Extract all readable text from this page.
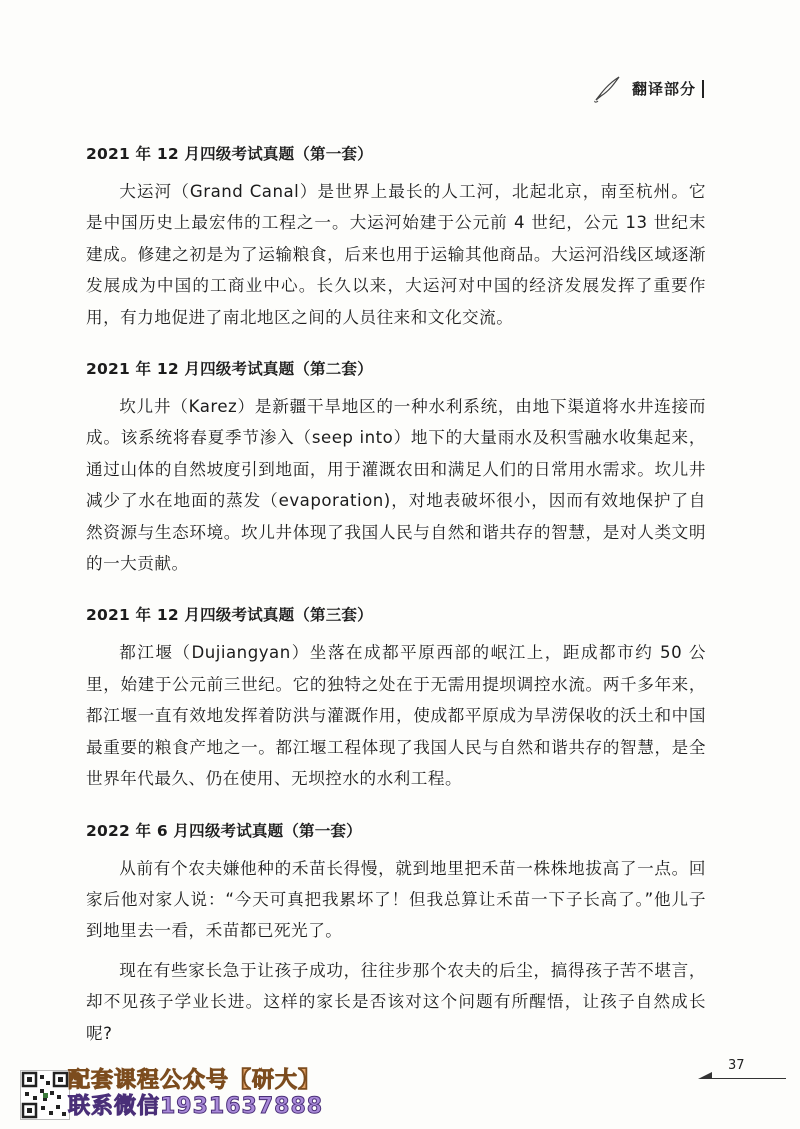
翻译部分
2021 年 12 月四级考试真题（第一套）

大运河（Grand Canal）是世界上最长的人工河，北起北京，南至杭州。它是中国历史上最宏伟的工程之一。大运河始建于公元前 4 世纪，公元 13 世纪末建成。修建之初是为了运输粮食，后来也用于运输其他商品。大运河沿线区域逐渐发展成为中国的工商业中心。长久以来，大运河对中国的经济发展发挥了重要作用，有力地促进了南北地区之间的人员往来和文化交流。

2021 年 12 月四级考试真题（第二套）

坎儿井（Karez）是新疆干旱地区的一种水利系统，由地下渠道将水井连接而成。该系统将春夏季节渗入（seep into）地下的大量雨水及积雪融水收集起来，通过山体的自然坡度引到地面，用于灌溉农田和满足人们的日常用水需求。坎儿井减少了水在地面的蒸发（evaporation)，对地表破坏很小，因而有效地保护了自然资源与生态环境。坎儿井体现了我国人民与自然和谐共存的智慧，是对人类文明的一大贡献。

2021 年 12 月四级考试真题（第三套）

都江堰（Dujiangyan）坐落在成都平原西部的岷江上，距成都市约 50 公里，始建于公元前三世纪。它的独特之处在于无需用提坝调控水流。两千多年来，都江堰一直有效地发挥着防洪与灌溉作用，使成都平原成为旱涝保收的沃土和中国最重要的粮食产地之一。都江堰工程体现了我国人民与自然和谐共存的智慧，是全世界年代最久、仍在使用、无坝控水的水利工程。

2022 年 6 月四级考试真题（第一套）

从前有个农夫嫌他种的禾苗长得慢，就到地里把禾苗一株株地拔高了一点。回家后他对家人说：“今天可真把我累坏了！但我总算让禾苗一下子长高了。”他儿子到地里去一看，禾苗都已死光了。

现在有些家长急于让孩子成功，往往步那个农夫的后尘，搞得孩子苦不堪言，却不见孩子学业长进。这样的家长是否该对这个问题有所醒悟，让孩子自然成长呢?

37
配套课程公众号【研大】
联系微信1931637888
